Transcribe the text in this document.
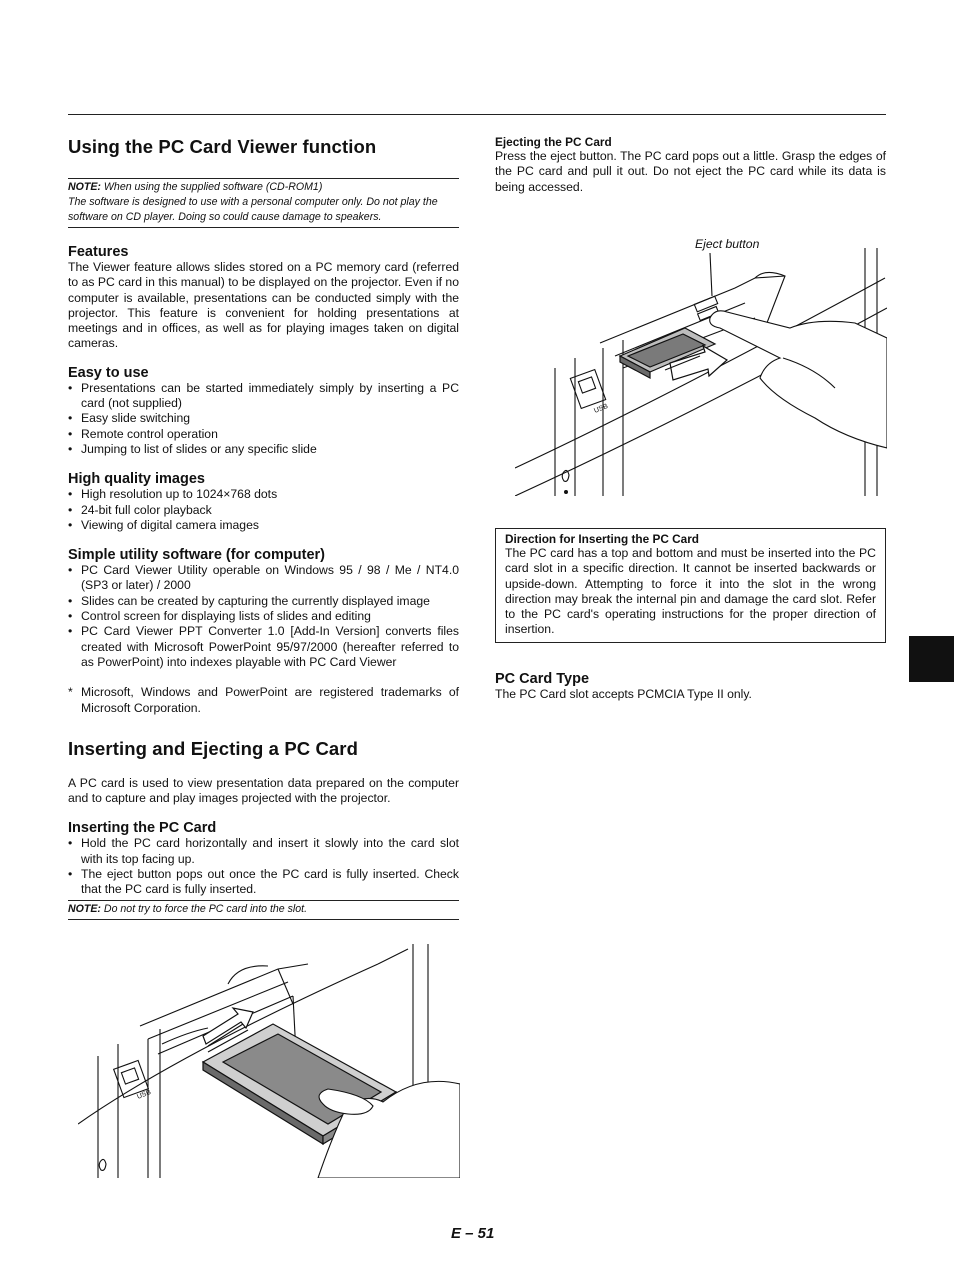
Using the PC Card Viewer function
NOTE: When using the supplied software (CD-ROM1)
The software is designed to use with a personal computer only. Do not play the software on CD player. Doing so could cause damage to speakers.
Features

The Viewer feature allows slides stored on a PC memory card (referred to as PC card in this manual) to be displayed on the projector. Even if no computer is available, presentations can be conducted simply with the projector. This feature is convenient for holding presentations at meetings and in offices, as well as for playing images taken on digital cameras.

Easy to use
• Presentations can be started immediately simply by inserting a PC card (not supplied)
• Easy slide switching
• Remote control operation
• Jumping to list of slides or any specific slide
High quality images
• High resolution up to 1024×768 dots
• 24-bit full color playback
• Viewing of digital camera images
Simple utility software (for computer)
• PC Card Viewer Utility operable on Windows 95 / 98 / Me / NT4.0 (SP3 or later) / 2000
• Slides can be created by capturing the currently displayed image
• Control screen for displaying lists of slides and editing
• PC Card Viewer PPT Converter 1.0 [Add-In Version] converts files created with Microsoft PowerPoint 95/97/2000 (hereafter referred to as PowerPoint) into indexes playable with PC Card Viewer
* Microsoft, Windows and PowerPoint are registered trademarks of Microsoft Corporation.
Inserting and Ejecting a PC Card

A PC card is used to view presentation data prepared on the computer and to capture and play images projected with the projector.

Inserting the PC Card
• Hold the PC card horizontally and insert it slowly into the card slot with its top facing up.
• The eject button pops out once the PC card is fully inserted. Check that the PC card is fully inserted.
NOTE: Do not try to force the PC card into the slot.
USB
Ejecting the PC Card

Press the eject button. The PC card pops out a little. Grasp the edges of the PC card and pull it out. Do not eject the PC card while its data is being accessed.

Eject button
USB
Direction for Inserting the PC Card

The PC card has a top and bottom and must be inserted into the PC card slot in a specific direction. It cannot be inserted backwards or upside-down. Attempting to force it into the slot in the wrong direction may break the internal pin and damage the card slot. Refer to the PC card's operating instructions for the proper direction of insertion.

PC Card Type

The PC Card slot accepts PCMCIA Type II only.

E – 51
